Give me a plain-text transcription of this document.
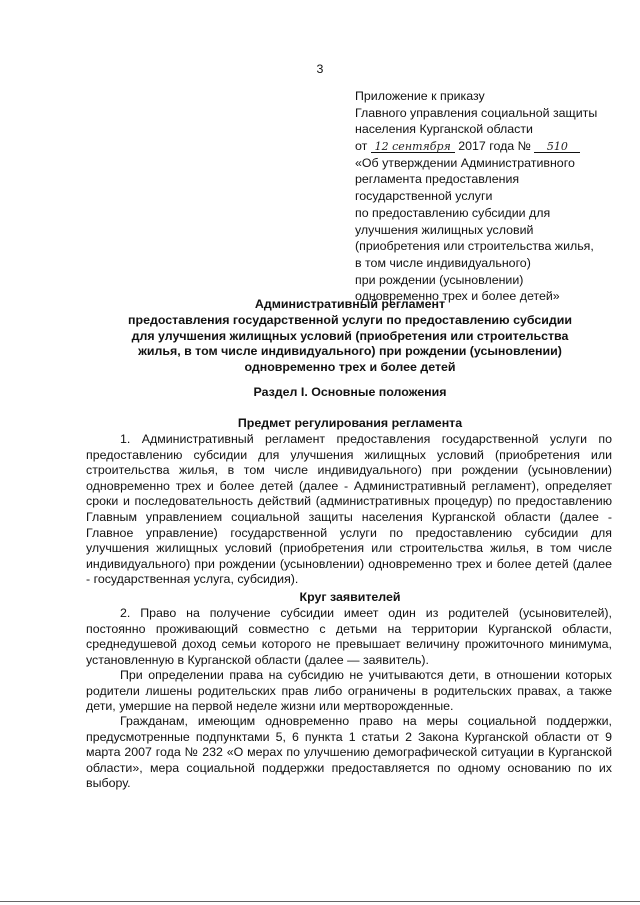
3
Приложение к приказу
Главного управления социальной защиты
населения Курганской области
от 12 сентября 2017 года № 510
«Об утверждении Административного
регламента предоставления
государственной услуги
по предоставлению субсидии для
улучшения жилищных условий
(приобретения или строительства жилья,
в том числе индивидуального)
при рождении (усыновлении)
одновременно трех и более детей»
Административный регламент
предоставления государственной услуги по предоставлению субсидии
для улучшения жилищных условий (приобретения или строительства
жилья, в том числе индивидуального) при рождении (усыновлении)
одновременно трех и более детей
Раздел I. Основные положения
Предмет регулирования регламента
1. Административный регламент предоставления государственной услуги по предоставлению субсидии для улучшения жилищных условий (приобретения или строительства жилья, в том числе индивидуального) при рождении (усыновлении) одновременно трех и более детей (далее - Административный регламент), определяет сроки и последовательность действий (административных процедур) по предоставлению Главным управлением социальной защиты населения Курганской области (далее - Главное управление) государственной услуги по предоставлению субсидии для улучшения жилищных условий (приобретения или строительства жилья, в том числе индивидуального) при рождении (усыновлении) одновременно трех и более детей (далее - государственная услуга, субсидия).
Круг заявителей
2. Право на получение субсидии имеет один из родителей (усыновителей), постоянно проживающий совместно с детьми на территории Курганской области, среднедушевой доход семьи которого не превышает величину прожиточного минимума, установленную в Курганской области (далее — заявитель).
При определении права на субсидию не учитываются дети, в отношении которых родители лишены родительских прав либо ограничены в родительских правах, а также дети, умершие на первой неделе жизни или мертворожденные.
Гражданам, имеющим одновременно право на меры социальной поддержки, предусмотренные подпунктами 5, 6 пункта 1 статьи 2 Закона Курганской области от 9 марта 2007 года № 232 «О мерах по улучшению демографической ситуации в Курганской области», мера социальной поддержки предоставляется по одному основанию по их выбору.
